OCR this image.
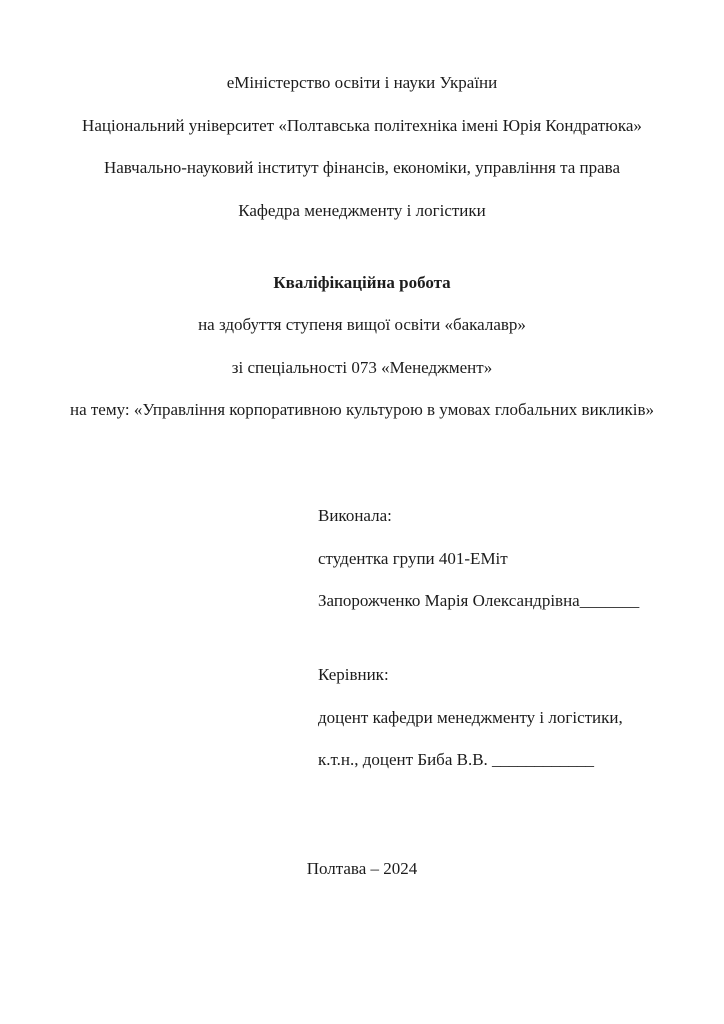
еМіністерство освіти і науки України

Національний університет «Полтавська політехніка імені Юрія Кондратюка»

Навчально-науковий інститут фінансів, економіки, управління та права

Кафедра менеджменту і логістики

Кваліфікаційна робота

на здобуття ступеня вищої освіти «бакалавр»

зі спеціальності 073 «Менеджмент»

на тему: «Управління корпоративною культурою в умовах глобальних викликів»

Виконала:

студентка групи 401-ЕМіт

Запорожченко Марія Олександрівна_______

Керівник:

доцент кафедри менеджменту і логістики,

к.т.н., доцент Биба В.В. ____________

Полтава – 2024
